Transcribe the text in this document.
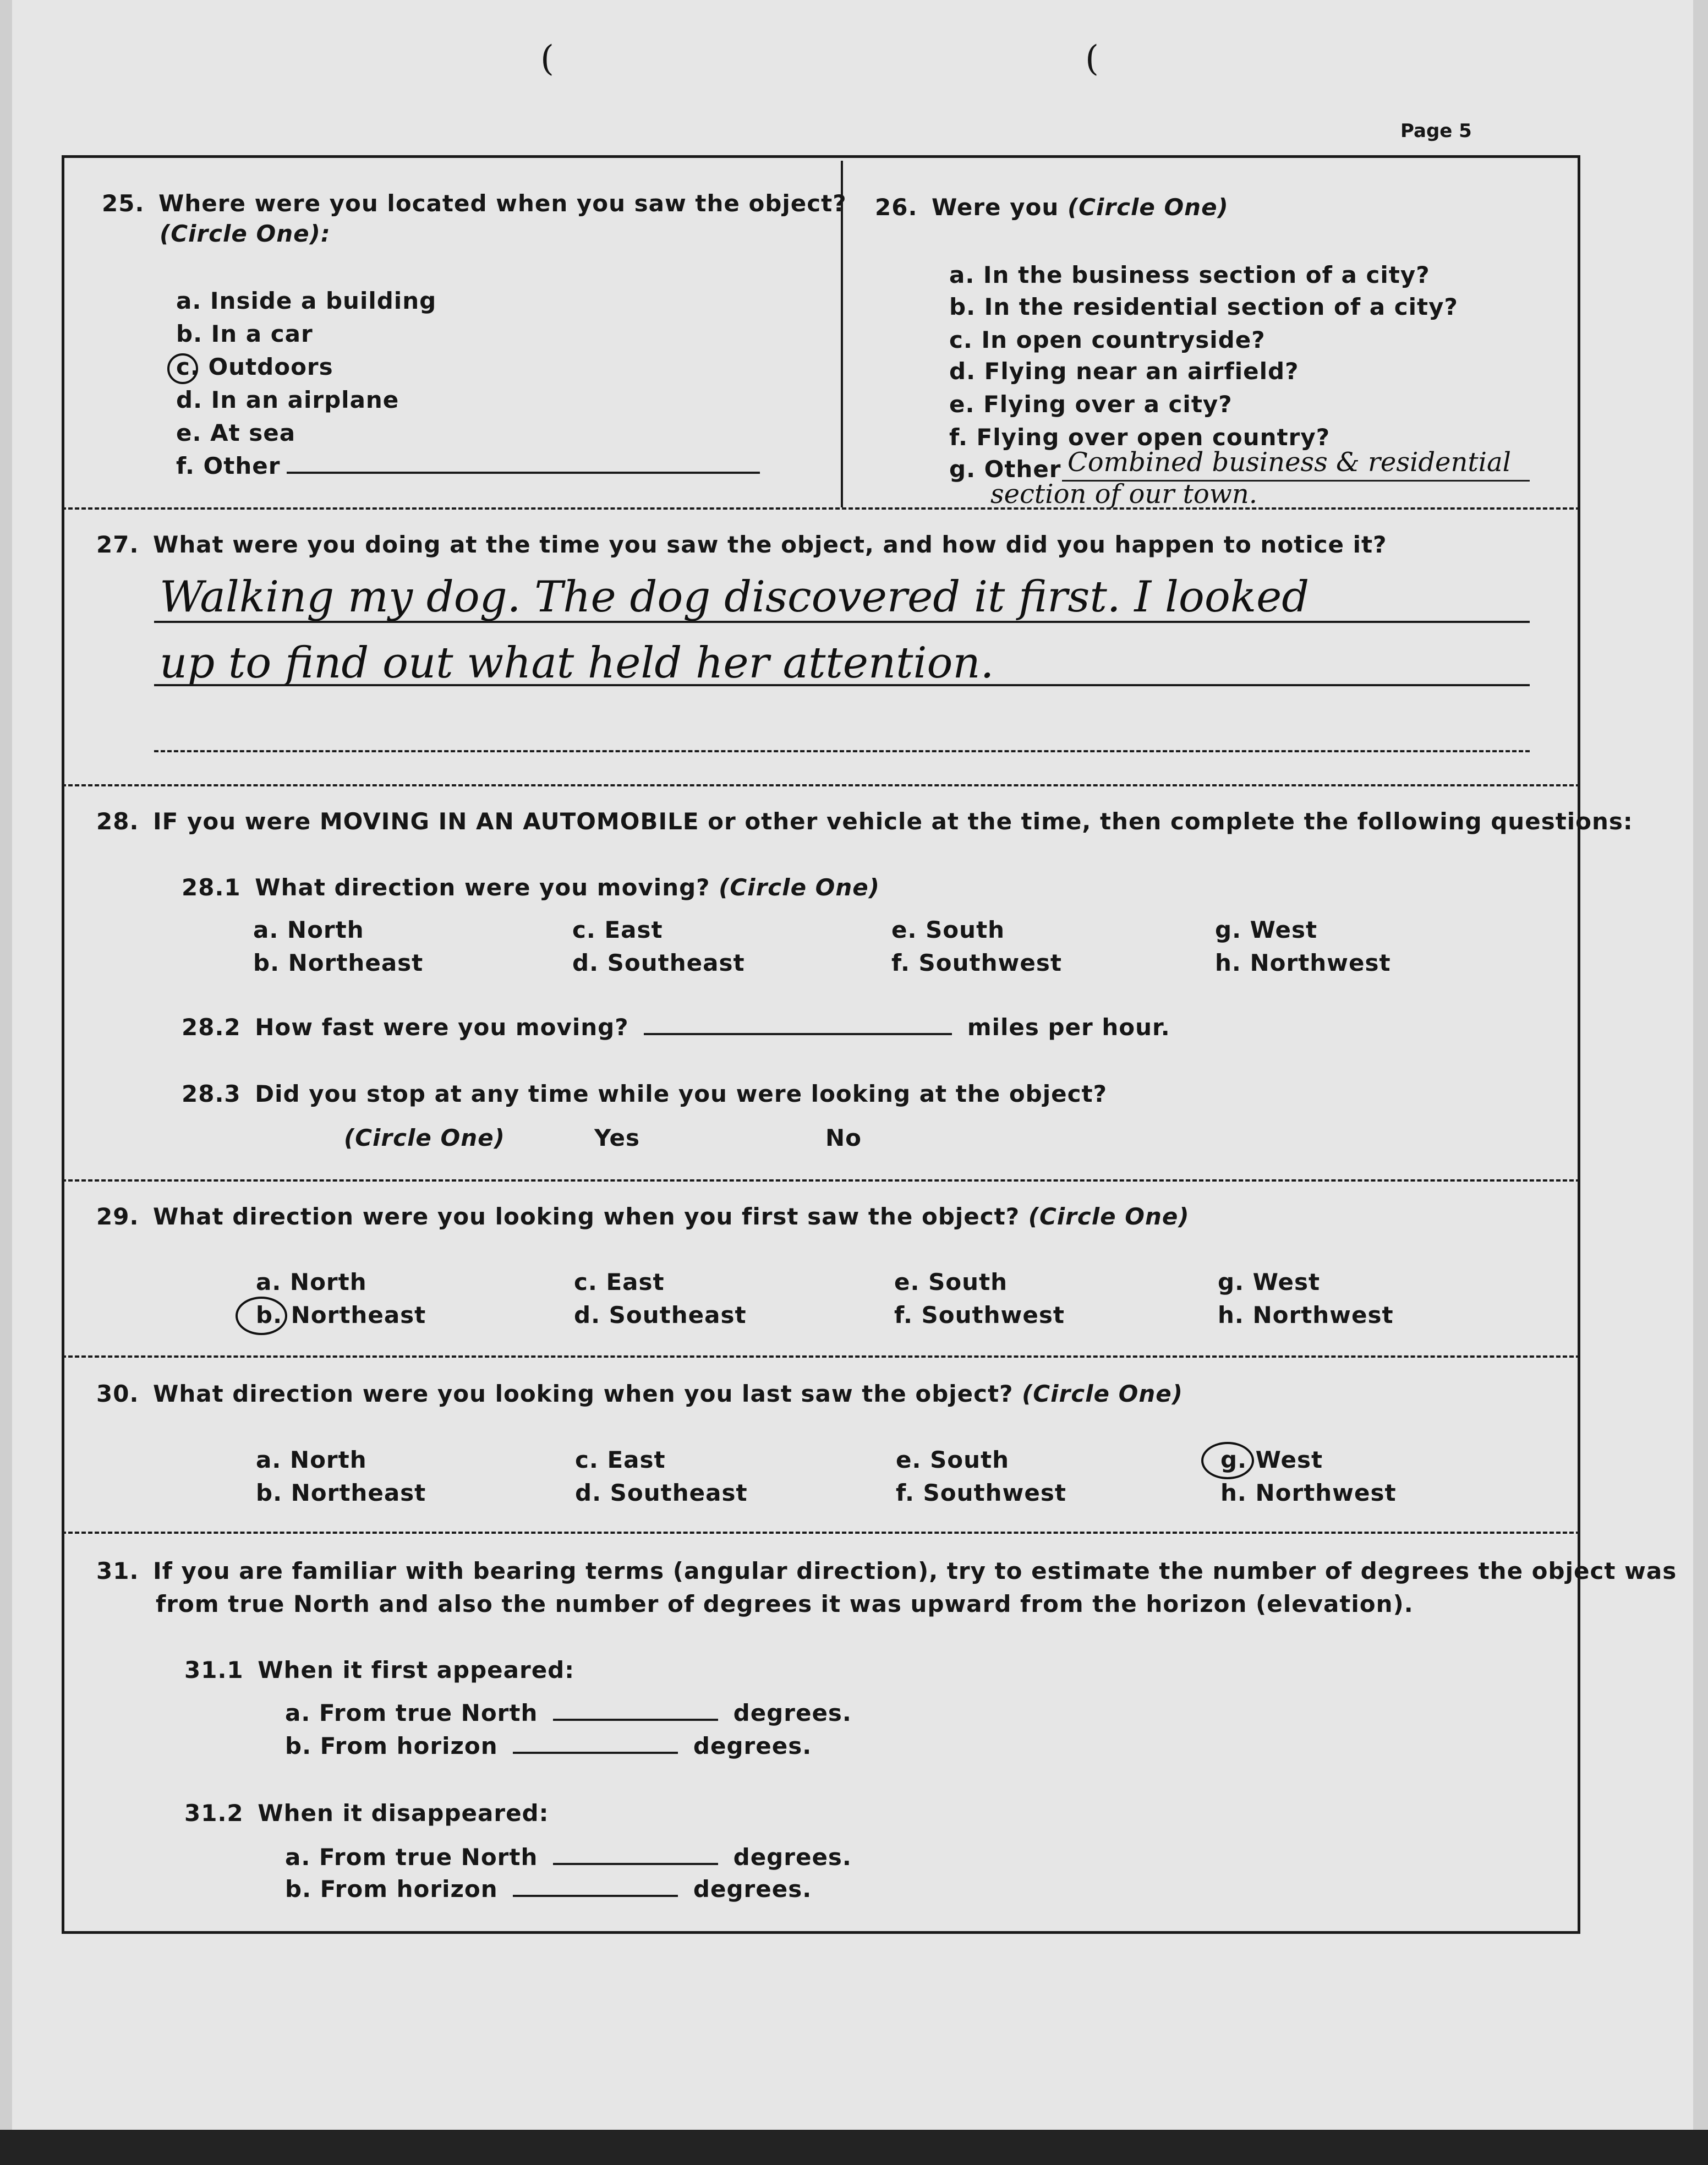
(	(
Page 5
25. Where were you located when you saw the object?
(Circle One):
a. Inside a building
b. In a car
c. Outdoors
d. In an airplane
e. At sea
f. Other
26. Were you (Circle One)
a. In the business section of a city?
b. In the residential section of a city?
c. In open countryside?
d. Flying near an airfield?
e. Flying over a city?
f. Flying over open country?
g. Other Combined business & residential
section of our town.
27. What were you doing at the time you saw the object, and how did you happen to notice it?
Walking my dog. The dog discovered it first. I looked
up to find out what held her attention.
28. IF you were MOVING IN AN AUTOMOBILE or other vehicle at the time, then complete the following questions:
28.1 What direction were you moving? (Circle One)
a. North
b. Northeast
c. East
d. Southeast
e. South
f. Southwest
g. West
h. Northwest
28.2 How fast were you moving?	miles per hour.
28.3 Did you stop at any time while you were looking at the object?
(Circle One)	Yes	No
29. What direction were you looking when you first saw the object? (Circle One)
a. North
b. Northeast
c. East
d. Southeast
e. South
f. Southwest
g. West
h. Northwest
30. What direction were you looking when you last saw the object? (Circle One)
a. North
b. Northeast
c. East
d. Southeast
e. South
f. Southwest
g. West
h. Northwest
31. If you are familiar with bearing terms (angular direction), try to estimate the number of degrees the object was
from true North and also the number of degrees it was upward from the horizon (elevation).
31.1 When it first appeared:
a. From true North	degrees.
b. From horizon	degrees.
31.2 When it disappeared:
a. From true North	degrees.
b. From horizon	degrees.
